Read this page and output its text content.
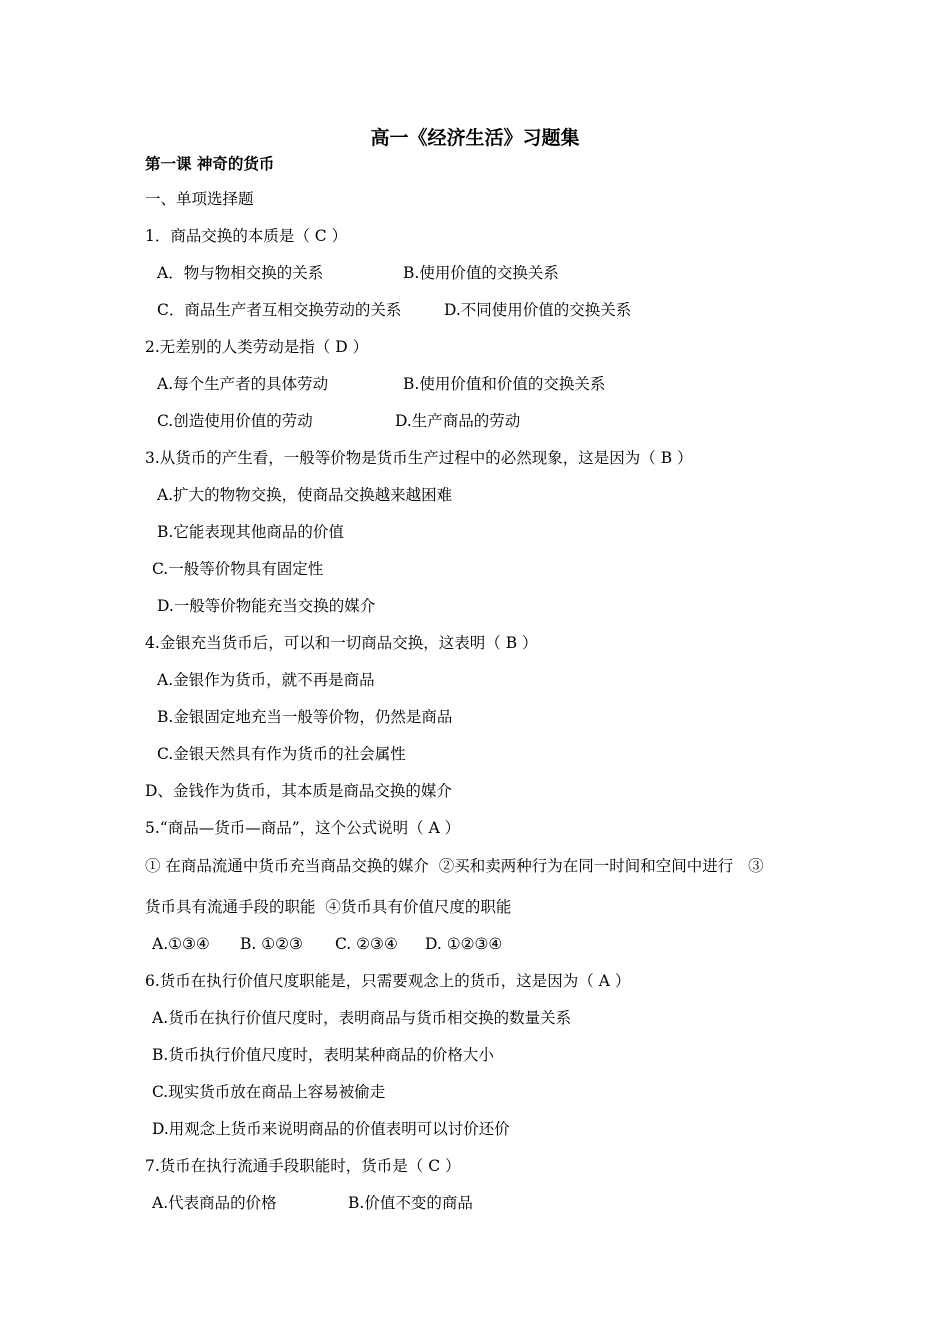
高一《经济生活》习题集
第一课 神奇的货币
一、单项选择题
1．商品交换的本质是（ C ）
A．物与物相交换的关系	B.使用价值的交换关系
C．商品生产者互相交换劳动的关系	D.不同使用价值的交换关系
2.无差别的人类劳动是指（ D ）
A.每个生产者的具体劳动	B.使用价值和价值的交换关系
C.创造使用价值的劳动	D.生产商品的劳动
3.从货币的产生看，一般等价物是货币生产过程中的必然现象，这是因为（ B ）
A.扩大的物物交换，使商品交换越来越困难
B.它能表现其他商品的价值
C.一般等价物具有固定性
D.一般等价物能充当交换的媒介
4.金银充当货币后，可以和一切商品交换，这表明（ B ）
A.金银作为货币，就不再是商品
B.金银固定地充当一般等价物，仍然是商品
C.金银天然具有作为货币的社会属性
D、金钱作为货币，其本质是商品交换的媒介
5.“商品—货币—商品”，这个公式说明（ A ）
① 在商品流通中货币充当商品交换的媒介  ②买和卖两种行为在同一时间和空间中进行   ③
货币具有流通手段的职能  ④货币具有价值尺度的职能
A.①③④ B. ①②③ C. ②③④ D. ①②③④
6.货币在执行价值尺度职能是，只需要观念上的货币，这是因为（ A ）
A.货币在执行价值尺度时，表明商品与货币相交换的数量关系
B.货币执行价值尺度时，表明某种商品的价格大小
C.现实货币放在商品上容易被偷走
D.用观念上货币来说明商品的价值表明可以讨价还价
7.货币在执行流通手段职能时，货币是（ C ）
A.代表商品的价格	B.价值不变的商品
